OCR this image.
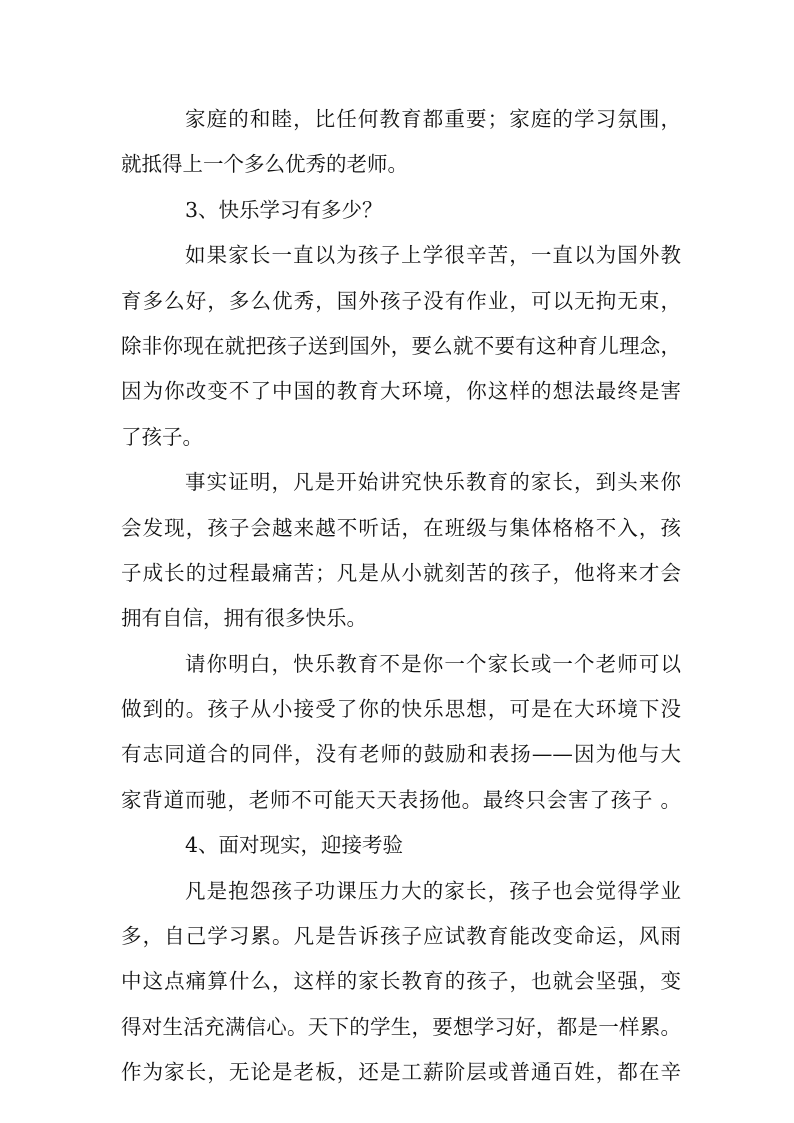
家庭的和睦，比任何教育都重要；家庭的学习氛围，
就抵得上一个多么优秀的老师。
3、快乐学习有多少？
如果家长一直以为孩子上学很辛苦，一直以为国外教
育多么好，多么优秀，国外孩子没有作业，可以无拘无束，
除非你现在就把孩子送到国外，要么就不要有这种育儿理念，
因为你改变不了中国的教育大环境，你这样的想法最终是害
了孩子。
事实证明，凡是开始讲究快乐教育的家长，到头来你
会发现，孩子会越来越不听话，在班级与集体格格不入，孩
子成长的过程最痛苦；凡是从小就刻苦的孩子，他将来才会
拥有自信，拥有很多快乐。
请你明白，快乐教育不是你一个家长或一个老师可以
做到的。孩子从小接受了你的快乐思想，可是在大环境下没
有志同道合的同伴，没有老师的鼓励和表扬——因为他与大
家背道而驰，老师不可能天天表扬他。最终只会害了孩子 。
4、面对现实，迎接考验
凡是抱怨孩子功课压力大的家长，孩子也会觉得学业
多，自己学习累。凡是告诉孩子应试教育能改变命运，风雨
中这点痛算什么，这样的家长教育的孩子，也就会坚强，变
得对生活充满信心。天下的学生，要想学习好，都是一样累。
作为家长，无论是老板，还是工薪阶层或普通百姓，都在辛
